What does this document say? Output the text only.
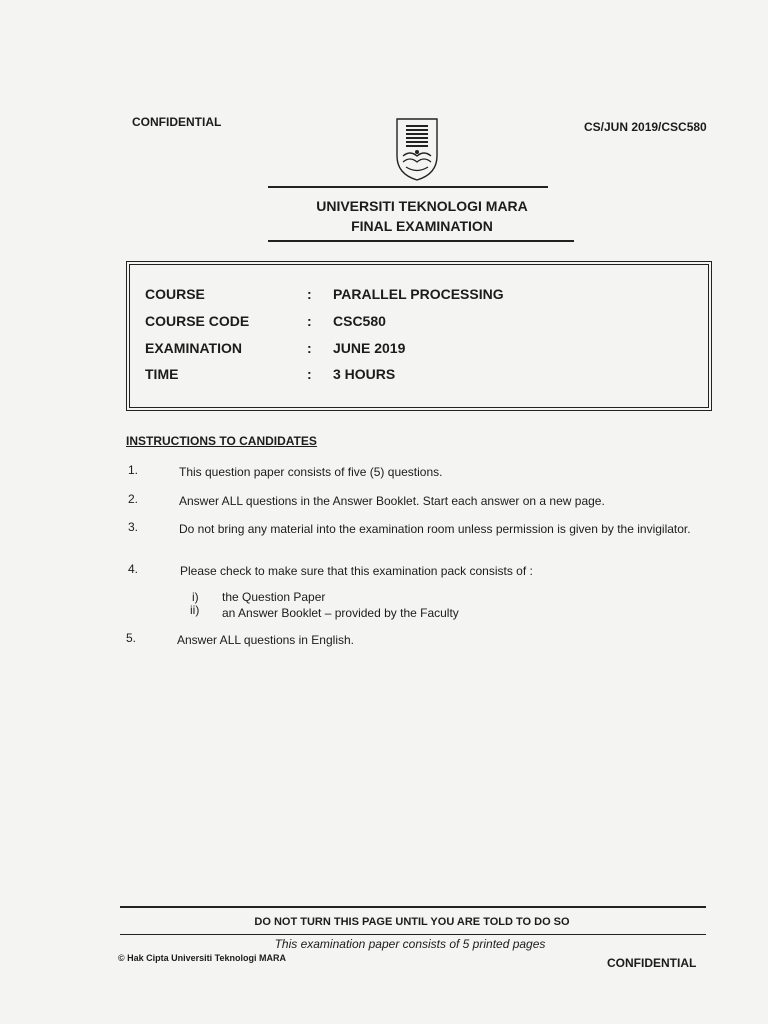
CONFIDENTIAL	CS/JUN 2019/CSC580
UNIVERSITI TEKNOLOGI MARA
FINAL EXAMINATION
COURSE	: PARALLEL PROCESSING
COURSE CODE	: CSC580
EXAMINATION	: JUNE 2019
TIME	: 3 HOURS
INSTRUCTIONS TO CANDIDATES
1.	This question paper consists of five (5) questions.
2.	Answer ALL questions in the Answer Booklet. Start each answer on a new page.
3.	Do not bring any material into the examination room unless permission is given by the invigilator.
4.	Please check to make sure that this examination pack consists of :
i) the Question Paper
ii) an Answer Booklet – provided by the Faculty
5.	Answer ALL questions in English.
DO NOT TURN THIS PAGE UNTIL YOU ARE TOLD TO DO SO
This examination paper consists of 5 printed pages
© Hak Cipta Universiti Teknologi MARA	CONFIDENTIAL
